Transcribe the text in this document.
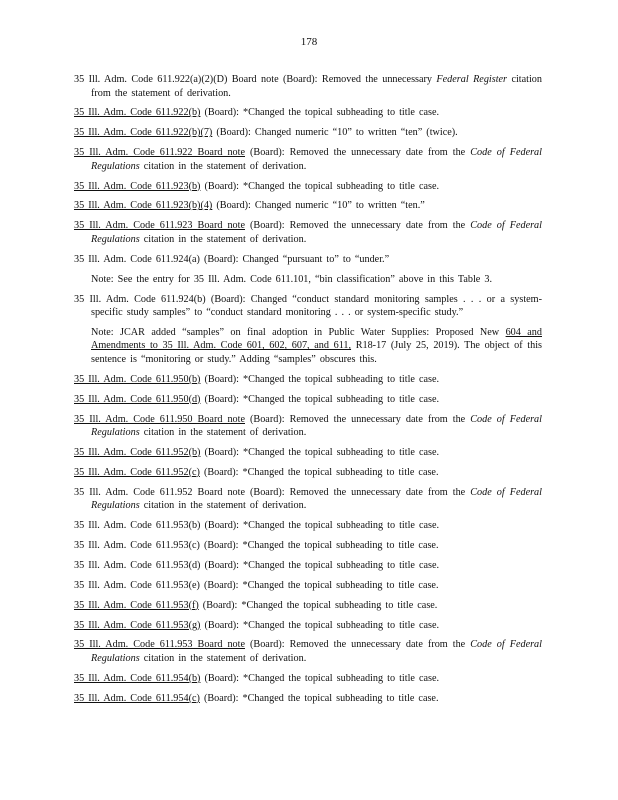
178
35 Ill. Adm. Code 611.922(a)(2)(D) Board note (Board): Removed the unnecessary Federal Register citation from the statement of derivation.
35 Ill. Adm. Code 611.922(b) (Board): *Changed the topical subheading to title case.
35 Ill. Adm. Code 611.922(b)(7) (Board): Changed numeric “10” to written “ten” (twice).
35 Ill. Adm. Code 611.922 Board note (Board): Removed the unnecessary date from the Code of Federal Regulations citation in the statement of derivation.
35 Ill. Adm. Code 611.923(b) (Board): *Changed the topical subheading to title case.
35 Ill. Adm. Code 611.923(b)(4) (Board): Changed numeric “10” to written “ten.”
35 Ill. Adm. Code 611.923 Board note (Board): Removed the unnecessary date from the Code of Federal Regulations citation in the statement of derivation.
35 Ill. Adm. Code 611.924(a) (Board): Changed “pursuant to” to “under.”
Note: See the entry for 35 Ill. Adm. Code 611.101, “bin classification” above in this Table 3.
35 Ill. Adm. Code 611.924(b) (Board): Changed “conduct standard monitoring samples . . . or a system-specific study samples” to “conduct standard monitoring . . . or system-specific study.”
Note: JCAR added “samples” on final adoption in Public Water Supplies: Proposed New 604 and Amendments to 35 Ill. Adm. Code 601, 602, 607, and 611, R18-17 (July 25, 2019). The object of this sentence is “monitoring or study.” Adding “samples” obscures this.
35 Ill. Adm. Code 611.950(b) (Board): *Changed the topical subheading to title case.
35 Ill. Adm. Code 611.950(d) (Board): *Changed the topical subheading to title case.
35 Ill. Adm. Code 611.950 Board note (Board): Removed the unnecessary date from the Code of Federal Regulations citation in the statement of derivation.
35 Ill. Adm. Code 611.952(b) (Board): *Changed the topical subheading to title case.
35 Ill. Adm. Code 611.952(c) (Board): *Changed the topical subheading to title case.
35 Ill. Adm. Code 611.952 Board note (Board): Removed the unnecessary date from the Code of Federal Regulations citation in the statement of derivation.
35 Ill. Adm. Code 611.953(b) (Board): *Changed the topical subheading to title case.
35 Ill. Adm. Code 611.953(c) (Board): *Changed the topical subheading to title case.
35 Ill. Adm. Code 611.953(d) (Board): *Changed the topical subheading to title case.
35 Ill. Adm. Code 611.953(e) (Board): *Changed the topical subheading to title case.
35 Ill. Adm. Code 611.953(f) (Board): *Changed the topical subheading to title case.
35 Ill. Adm. Code 611.953(g) (Board): *Changed the topical subheading to title case.
35 Ill. Adm. Code 611.953 Board note (Board): Removed the unnecessary date from the Code of Federal Regulations citation in the statement of derivation.
35 Ill. Adm. Code 611.954(b) (Board): *Changed the topical subheading to title case.
35 Ill. Adm. Code 611.954(c) (Board): *Changed the topical subheading to title case.
